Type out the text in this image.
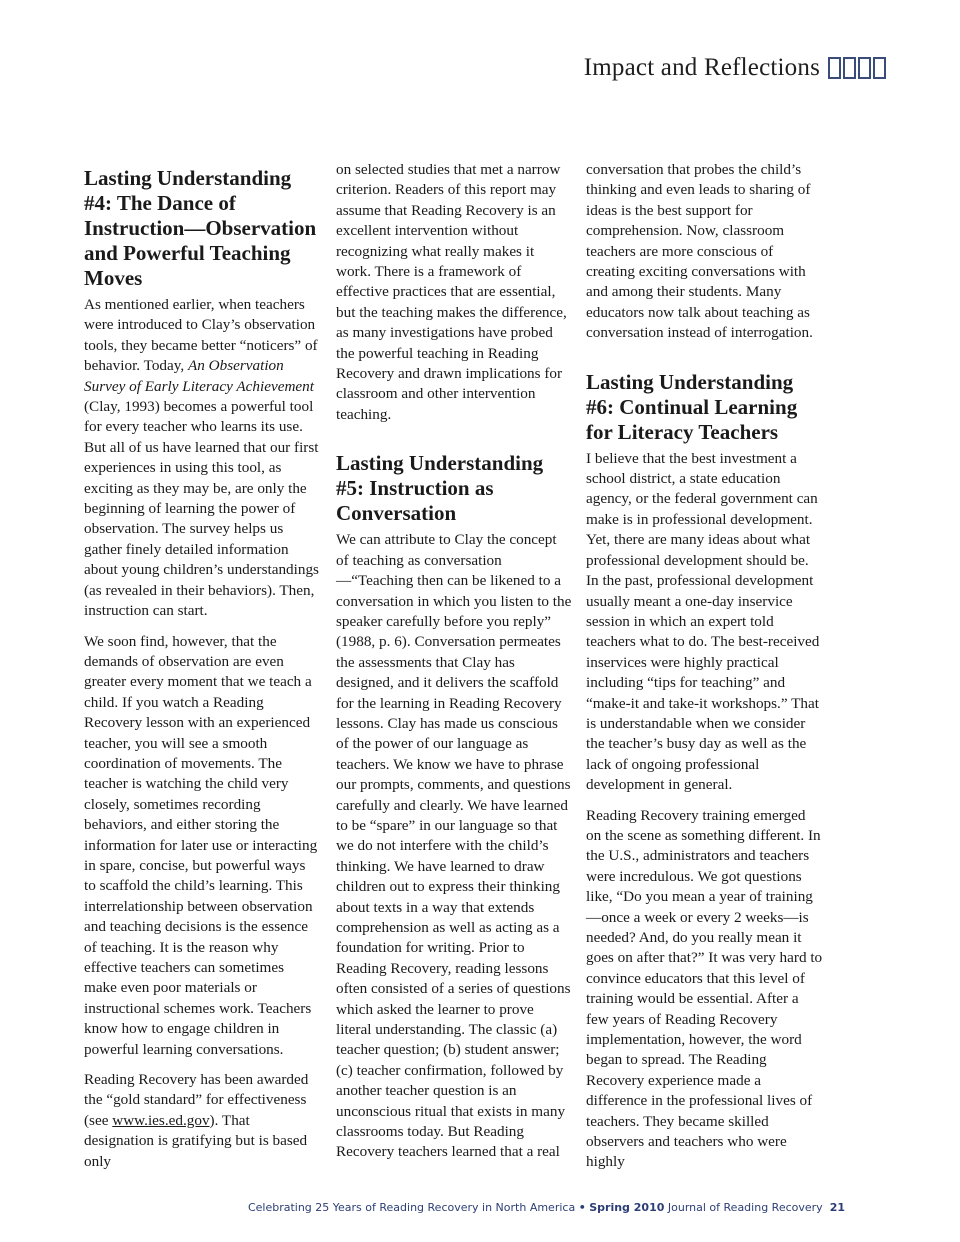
Impact and Reflections
Lasting Understanding #4: The Dance of Instruction—Observation and Powerful Teaching Moves

As mentioned earlier, when teachers were introduced to Clay’s observation tools, they became better “noticers” of behavior. Today, An Observation Survey of Early Literacy Achievement (Clay, 1993) becomes a powerful tool for every teacher who learns its use. But all of us have learned that our first experiences in using this tool, as exciting as they may be, are only the beginning of learning the power of observation. The survey helps us gather finely detailed information about young children’s understandings (as revealed in their behaviors). Then, instruction can start.

We soon find, however, that the demands of observation are even greater every moment that we teach a child. If you watch a Reading Recovery lesson with an experienced teacher, you will see a smooth coordination of movements. The teacher is watching the child very closely, sometimes recording behaviors, and either storing the information for later use or interacting in spare, concise, but powerful ways to scaffold the child’s learning. This interrelationship between observation and teaching decisions is the essence of teaching. It is the reason why effective teachers can sometimes make even poor materials or instructional schemes work. Teachers know how to engage children in powerful learning conversations.

Reading Recovery has been awarded the “gold standard” for effectiveness (see www.ies.ed.gov). That designation is gratifying but is based only

on selected studies that met a narrow criterion. Readers of this report may assume that Reading Recovery is an excellent intervention without recognizing what really makes it work. There is a framework of effective practices that are essential, but the teaching makes the difference, as many investigations have probed the powerful teaching in Reading Recovery and drawn implications for classroom and other intervention teaching.

Lasting Understanding #5: Instruction as Conversation

We can attribute to Clay the concept of teaching as conversation—“Teaching then can be likened to a conversation in which you listen to the speaker carefully before you reply” (1988, p. 6). Conversation permeates the assessments that Clay has designed, and it delivers the scaffold for the learning in Reading Recovery lessons. Clay has made us conscious of the power of our language as teachers. We know we have to phrase our prompts, comments, and questions carefully and clearly. We have learned to be “spare” in our language so that we do not interfere with the child’s thinking. We have learned to draw children out to express their thinking about texts in a way that extends comprehension as well as acting as a foundation for writing. Prior to Reading Recovery, reading lessons often consisted of a series of questions which asked the learner to prove literal understanding. The classic (a) teacher question; (b) student answer; (c) teacher confirmation, followed by another teacher question is an unconscious ritual that exists in many classrooms today. But Reading Recovery teachers learned that a real

conversation that probes the child’s thinking and even leads to sharing of ideas is the best support for comprehension. Now, classroom teachers are more conscious of creating exciting conversations with and among their students. Many educators now talk about teaching as conversation instead of interrogation.

Lasting Understanding #6: Continual Learning for Literacy Teachers

I believe that the best investment a school district, a state education agency, or the federal government can make is in professional development. Yet, there are many ideas about what professional development should be. In the past, professional development usually meant a one-day inservice session in which an expert told teachers what to do. The best-received inservices were highly practical including “tips for teaching” and “make-it and take-it workshops.” That is understandable when we consider the teacher’s busy day as well as the lack of ongoing professional development in general.

Reading Recovery training emerged on the scene as something different. In the U.S., administrators and teachers were incredulous. We got questions like, “Do you mean a year of training—once a week or every 2 weeks—is needed? And, do you really mean it goes on after that?” It was very hard to convince educators that this level of training would be essential. After a few years of Reading Recovery implementation, however, the word began to spread. The Reading Recovery experience made a difference in the professional lives of teachers. They became skilled observers and teachers who were highly

Celebrating 25 Years of Reading Recovery in North America • Spring 2010 Journal of Reading Recovery 21
